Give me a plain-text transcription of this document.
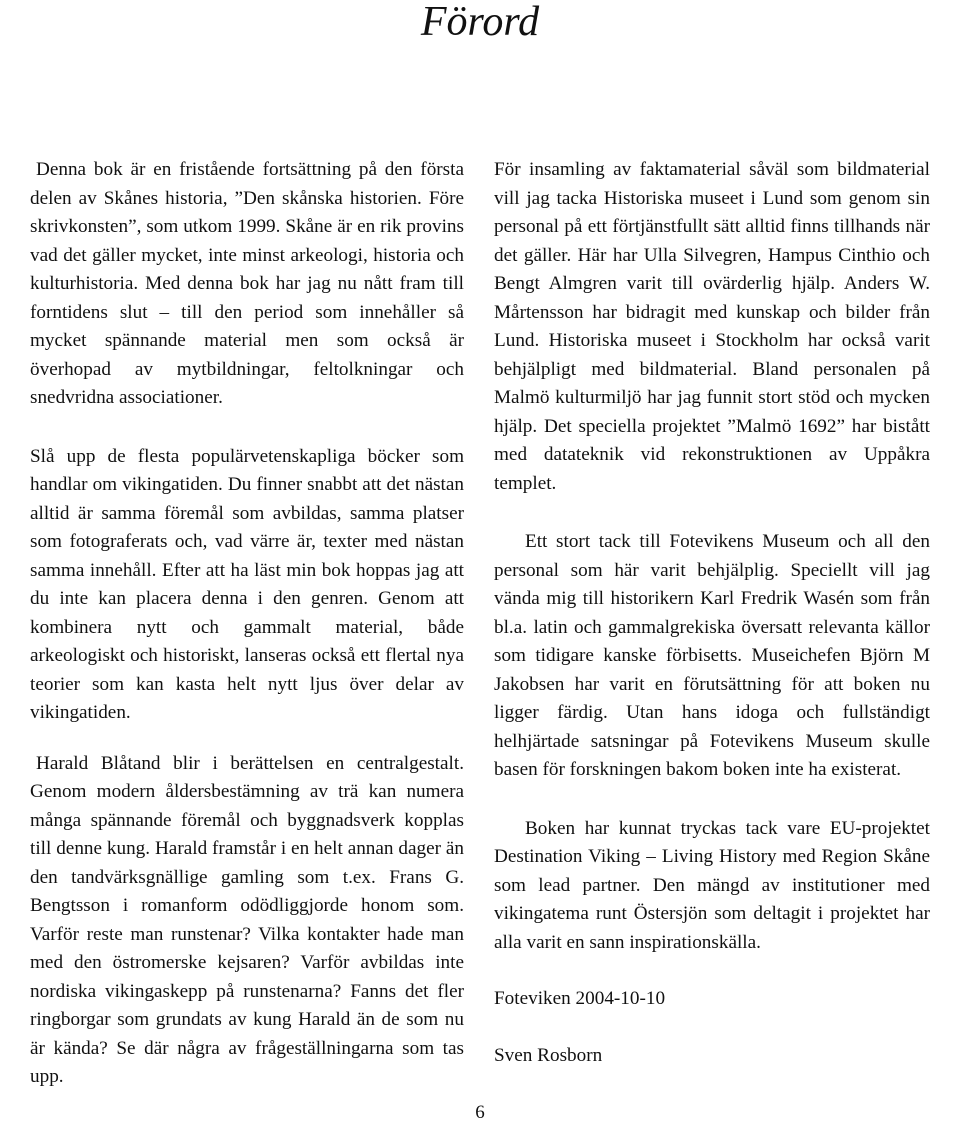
Förord

Denna bok är en fristående fortsättning på den första delen av Skånes historia, ”Den skånska historien. Före skrivkonsten”, som utkom 1999. Skåne är en rik provins vad det gäller mycket, inte minst arkeologi, historia och kulturhistoria. Med denna bok har jag nu nått fram till forntidens slut – till den period som innehåller så mycket spännande material men som också är överhopad av mytbildningar, feltolkningar och snedvridna associationer.

Slå upp de flesta populärvetenskapliga böcker som handlar om vikingatiden. Du finner snabbt att det nästan alltid är samma föremål som avbildas, samma platser som fotograferats och, vad värre är, texter med nästan samma innehåll. Efter att ha läst min bok hoppas jag att du inte kan placera denna i den genren. Genom att kombinera nytt och gammalt material, både arkeologiskt och historiskt, lanseras också ett flertal nya teorier som kan kasta helt nytt ljus över delar av vikingatiden.

Harald Blåtand blir i berättelsen en centralgestalt. Genom modern åldersbestämning av trä kan numera många spännande föremål och byggnadsverk kopplas till denne kung. Harald framstår i en helt annan dager än den tandvärksgnällige gamling som t.ex. Frans G. Bengtsson i romanform odödliggjorde honom som. Varför reste man runstenar? Vilka kontakter hade man med den östromerske kejsaren? Varför avbildas inte nordiska vikingaskepp på runstenarna? Fanns det fler ringborgar som grundats av kung Harald än de som nu är kända? Se där några av frågeställningarna som tas upp.

För insamling av faktamaterial såväl som bildmaterial vill jag tacka Historiska museet i Lund som genom sin personal på ett förtjänstfullt sätt alltid finns tillhands när det gäller. Här har Ulla Silvegren, Hampus Cinthio och Bengt Almgren varit till ovärderlig hjälp. Anders W. Mårtensson har bidragit med kunskap och bilder från Lund. Historiska museet i Stockholm har också varit behjälpligt med bildmaterial. Bland personalen på Malmö kulturmiljö har jag funnit stort stöd och mycken hjälp. Det speciella projektet ”Malmö 1692” har bistått med datateknik vid rekonstruktionen av Uppåkra templet.

Ett stort tack till Fotevikens Museum och all den personal som här varit behjälplig. Speciellt vill jag vända mig till historikern Karl Fredrik Wasén som från bl.a. latin och gammalgrekiska översatt relevanta källor som tidigare kanske förbisetts. Museichefen Björn M Jakobsen har varit en förutsättning för att boken nu ligger färdig. Utan hans idoga och fullständigt helhjärtade satsningar på Fotevikens Museum skulle basen för forskningen bakom boken inte ha existerat.

Boken har kunnat tryckas tack vare EU-projektet Destination Viking – Living History med Region Skåne som lead partner. Den mängd av institutioner med vikingatema runt Östersjön som deltagit i projektet har alla varit en sann inspirationskälla.

Foteviken 2004-10-10

Sven Rosborn

6
